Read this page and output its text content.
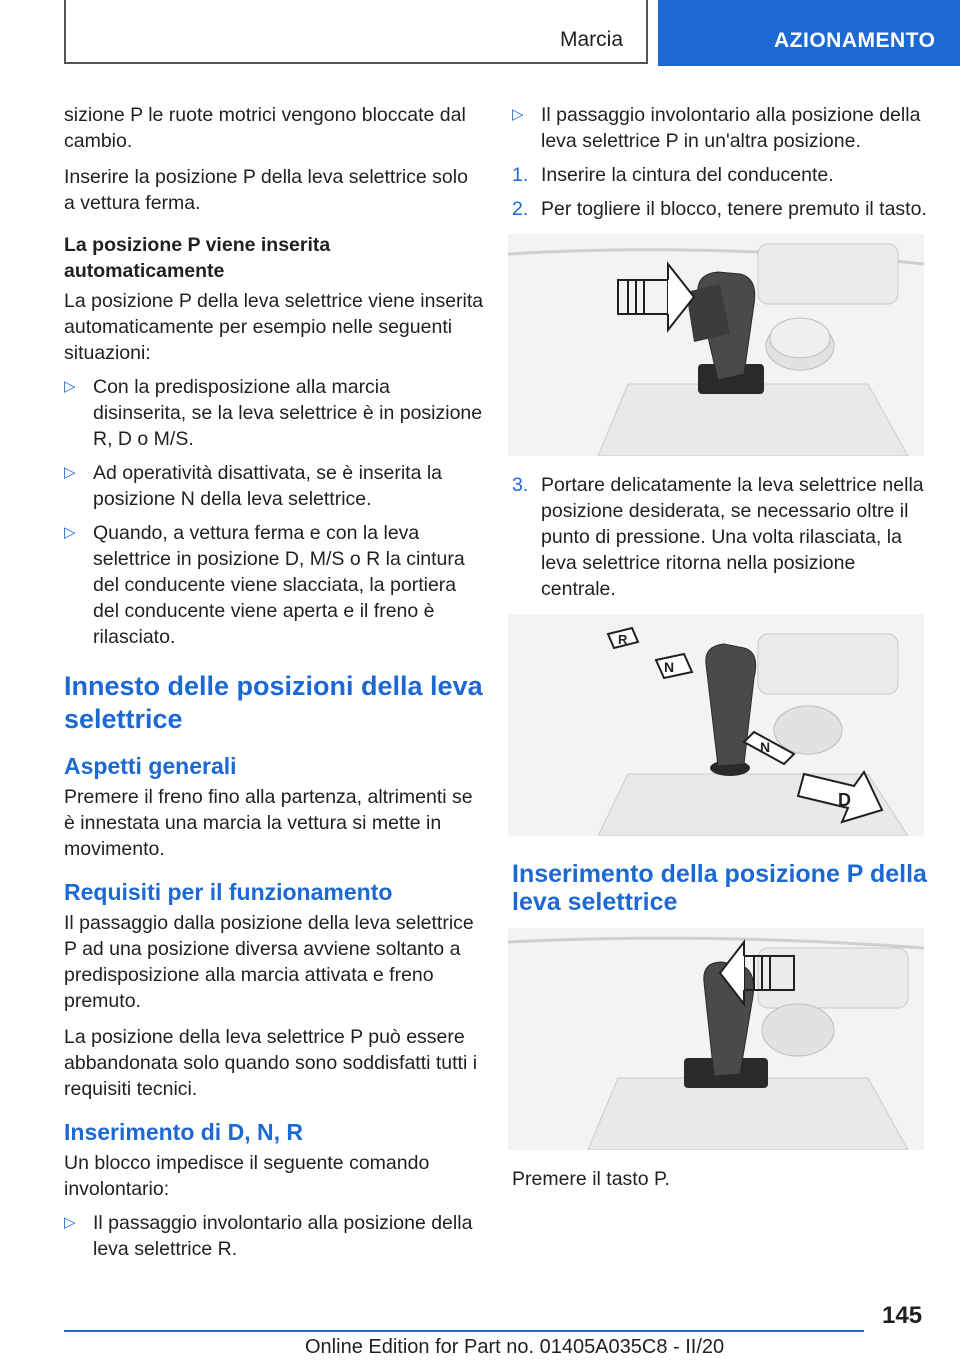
Marcia	AZIONAMENTO

sizione P le ruote motrici vengono bloccate dal cambio.

Inserire la posizione P della leva selettrice solo a vettura ferma.

La posizione P viene inserita automaticamente

La posizione P della leva selettrice viene inserita automaticamente per esempio nelle seguenti situazioni:

▷ Con la predisposizione alla marcia disinserita, se la leva selettrice è in posizione R, D o M/S.
▷ Ad operatività disattivata, se è inserita la posizione N della leva selettrice.
▷ Quando, a vettura ferma e con la leva selettrice in posizione D, M/S o R la cintura del conducente viene slacciata, la portiera del conducente viene aperta e il freno è rilasciato.
Innesto delle posizioni della leva selettrice
Aspetti generali

Premere il freno fino alla partenza, altrimenti se è innestata una marcia la vettura si mette in movimento.

Requisiti per il funzionamento

Il passaggio dalla posizione della leva selettrice P ad una posizione diversa avviene soltanto a predisposizione alla marcia attivata e freno premuto.

La posizione della leva selettrice P può essere abbandonata solo quando sono soddisfatti tutti i requisiti tecnici.

Inserimento di D, N, R

Un blocco impedisce il seguente comando involontario:

▷ Il passaggio involontario alla posizione della leva selettrice R.
▷ Il passaggio involontario alla posizione della leva selettrice P in un'altra posizione.
1. Inserire la cintura del conducente.
2. Per togliere il blocco, tenere premuto il tasto.
3. Portare delicatamente la leva selettrice nella posizione desiderata, se necessario oltre il punto di pressione. Una volta rilasciata, la leva selettrice ritorna nella posizione centrale.
R
N
N
D
Inserimento della posizione P della leva selettrice

Premere il tasto P.

145
Online Edition for Part no. 01405A035C8 - II/20
